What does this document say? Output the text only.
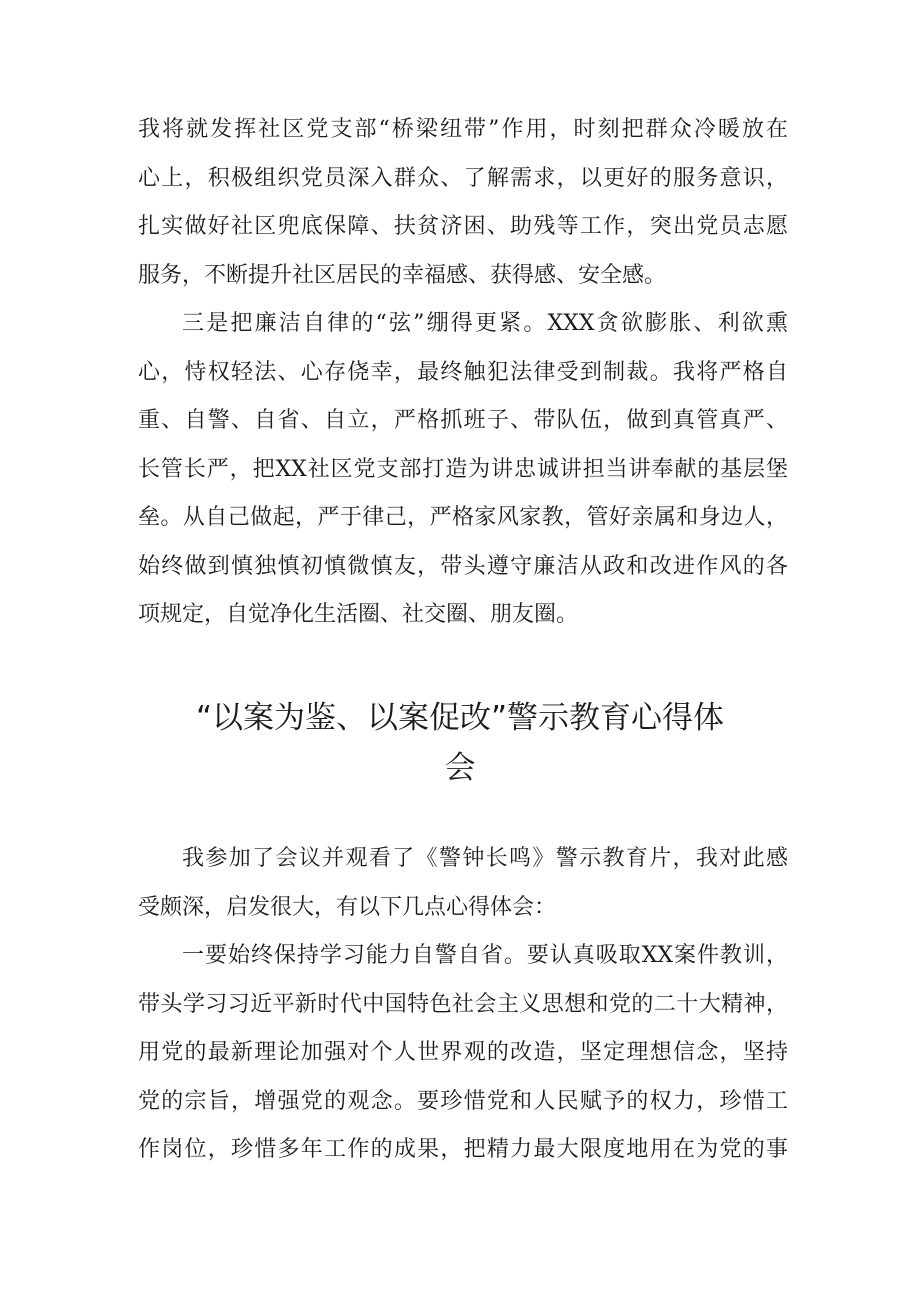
我将就发挥社区党支部“桥梁纽带”作用，时刻把群众冷暖放在
心上，积极组织党员深入群众、了解需求，以更好的服务意识，
扎实做好社区兜底保障、扶贫济困、助残等工作，突出党员志愿
服务，不断提升社区居民的幸福感、获得感、安全感。
三是把廉洁自律的“弦”绷得更紧。XXX贪欲膨胀、利欲熏
心，恃权轻法、心存侥幸，最终触犯法律受到制裁。我将严格自
重、自警、自省、自立，严格抓班子、带队伍，做到真管真严、
长管长严，把XX社区党支部打造为讲忠诚讲担当讲奉献的基层堡
垒。从自己做起，严于律己，严格家风家教，管好亲属和身边人，
始终做到慎独慎初慎微慎友，带头遵守廉洁从政和改进作风的各
项规定，自觉净化生活圈、社交圈、朋友圈。
“以案为鉴、以案促改”警示教育心得体
会
我参加了会议并观看了《警钟长鸣》警示教育片，我对此感
受颇深，启发很大，有以下几点心得体会：
一要始终保持学习能力自警自省。要认真吸取XX案件教训，
带头学习习近平新时代中国特色社会主义思想和党的二十大精神，
用党的最新理论加强对个人世界观的改造，坚定理想信念，坚持
党的宗旨，增强党的观念。要珍惜党和人民赋予的权力，珍惜工
作岗位，珍惜多年工作的成果，把精力最大限度地用在为党的事
